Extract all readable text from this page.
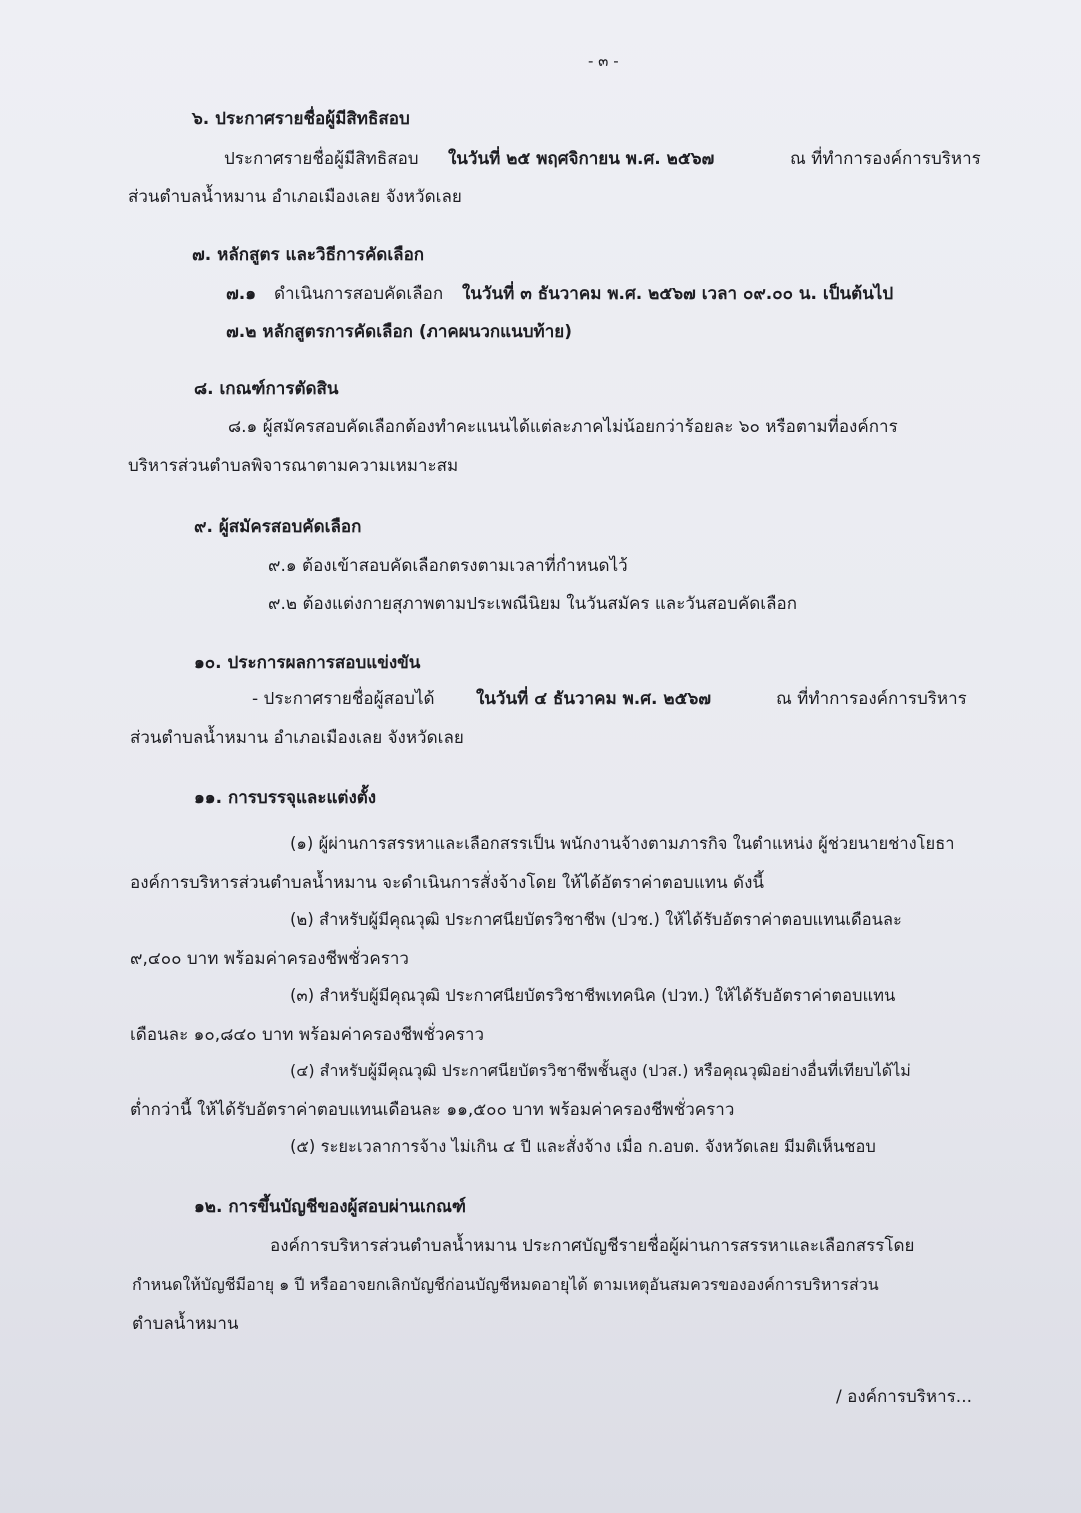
- ๓ -
๖. ประกาศรายชื่อผู้มีสิทธิสอบ
ประกาศรายชื่อผู้มีสิทธิสอบ ในวันที่ ๒๕ พฤศจิกายน พ.ศ. ๒๕๖๗	ณ ที่ทำการองค์การบริหาร
ส่วนตำบลน้ำหมาน อำเภอเมืองเลย จังหวัดเลย
๗. หลักสูตร และวิธีการคัดเลือก
๗.๑ ดำเนินการสอบคัดเลือก ในวันที่ ๓ ธันวาคม พ.ศ. ๒๕๖๗ เวลา ๐๙.๐๐ น. เป็นต้นไป
๗.๒ หลักสูตรการคัดเลือก (ภาคผนวกแนบท้าย)
๘. เกณฑ์การตัดสิน
๘.๑ ผู้สมัครสอบคัดเลือกต้องทำคะแนนได้แต่ละภาคไม่น้อยกว่าร้อยละ ๖๐ หรือตามที่องค์การ
บริหารส่วนตำบลพิจารณาตามความเหมาะสม
๙. ผู้สมัครสอบคัดเลือก
๙.๑ ต้องเข้าสอบคัดเลือกตรงตามเวลาที่กำหนดไว้
๙.๒ ต้องแต่งกายสุภาพตามประเพณีนิยม ในวันสมัคร และวันสอบคัดเลือก
๑๐. ประการผลการสอบแข่งขัน
- ประกาศรายชื่อผู้สอบได้ ในวันที่ ๔ ธันวาคม พ.ศ. ๒๕๖๗	ณ ที่ทำการองค์การบริหาร
ส่วนตำบลน้ำหมาน อำเภอเมืองเลย จังหวัดเลย
๑๑. การบรรจุและแต่งตั้ง
(๑) ผู้ผ่านการสรรหาและเลือกสรรเป็น พนักงานจ้างตามภารกิจ ในตำแหน่ง ผู้ช่วยนายช่างโยธา
องค์การบริหารส่วนตำบลน้ำหมาน จะดำเนินการสั่งจ้างโดย ให้ได้อัตราค่าตอบแทน ดังนี้
(๒) สำหรับผู้มีคุณวุฒิ ประกาศนียบัตรวิชาชีพ (ปวช.) ให้ได้รับอัตราค่าตอบแทนเดือนละ
๙,๔๐๐ บาท พร้อมค่าครองชีพชั่วคราว
(๓) สำหรับผู้มีคุณวุฒิ ประกาศนียบัตรวิชาชีพเทคนิค (ปวท.) ให้ได้รับอัตราค่าตอบแทน
เดือนละ ๑๐,๘๔๐ บาท พร้อมค่าครองชีพชั่วคราว
(๔) สำหรับผู้มีคุณวุฒิ ประกาศนียบัตรวิชาชีพชั้นสูง (ปวส.) หรือคุณวุฒิอย่างอื่นที่เทียบได้ไม่
ต่ำกว่านี้ ให้ได้รับอัตราค่าตอบแทนเดือนละ ๑๑,๕๐๐ บาท พร้อมค่าครองชีพชั่วคราว
(๕) ระยะเวลาการจ้าง ไม่เกิน ๔ ปี และสั่งจ้าง เมื่อ ก.อบต. จังหวัดเลย มีมติเห็นชอบ
๑๒. การขึ้นบัญชีของผู้สอบผ่านเกณฑ์
องค์การบริหารส่วนตำบลน้ำหมาน ประกาศบัญชีรายชื่อผู้ผ่านการสรรหาและเลือกสรรโดย
กำหนดให้บัญชีมีอายุ ๑ ปี หรืออาจยกเลิกบัญชีก่อนบัญชีหมดอายุได้ ตามเหตุอันสมควรขององค์การบริหารส่วน
ตำบลน้ำหมาน
/ องค์การบริหาร...
